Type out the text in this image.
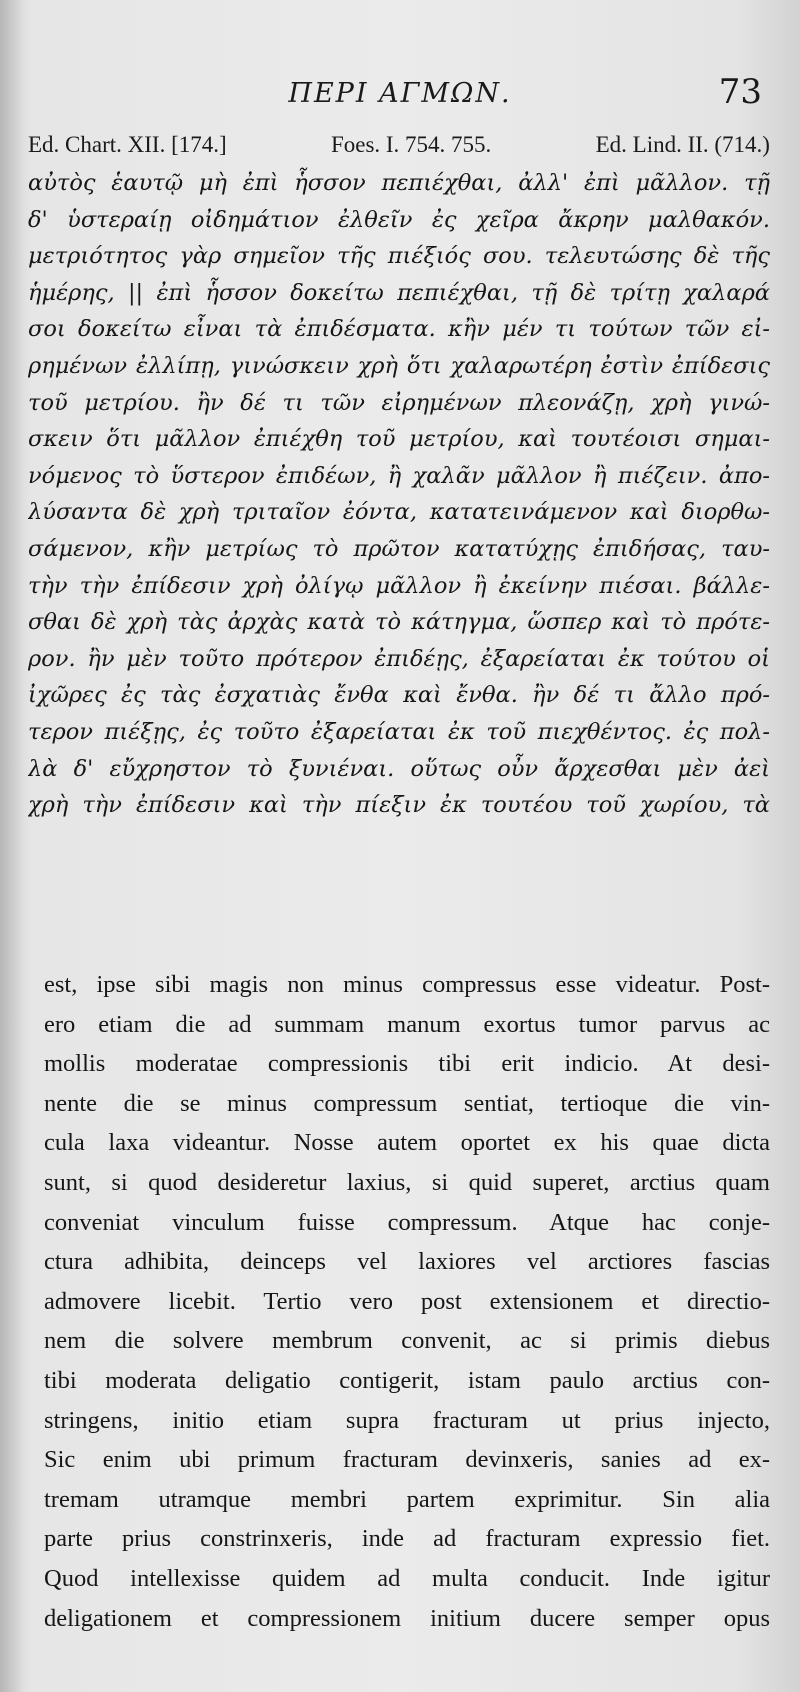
ΠΕΡΙ ΑΓΜΩΝ.	73
Ed. Chart. XII. [174.]	Foes. I. 754. 755.	Ed. Lind. II. (714.)
αὐτὸς ἑαυτῷ μὴ ἐπὶ ἧσσον πεπιέχθαι, ἀλλ' ἐπὶ μᾶλλον. τῇ
δ' ὑστεραίῃ οἰδημάτιον ἐλθεῖν ἐς χεῖρα ἄκρην μαλθακόν.
μετριότητος γὰρ σημεῖον τῆς πιέξιός σου. τελευτώσης δὲ τῆς
ἡμέρης, || ἐπὶ ἧσσον δοκείτω πεπιέχθαι, τῇ δὲ τρίτῃ χαλαρά
σοι δοκείτω εἶναι τὰ ἐπιδέσματα. κἢν μέν τι τούτων τῶν εἰ-
ρημένων ἐλλίπῃ, γινώσκειν χρὴ ὅτι χαλαρωτέρη ἐστὶν ἐπίδεσις
τοῦ μετρίου. ἢν δέ τι τῶν εἰρημένων πλεονάζῃ, χρὴ γινώ-
σκειν ὅτι μᾶλλον ἐπιέχθη τοῦ μετρίου, καὶ τουτέοισι σημαι-
νόμενος τὸ ὕστερον ἐπιδέων, ἢ χαλᾶν μᾶλλον ἢ πιέζειν. ἀπο-
λύσαντα δὲ χρὴ τριταῖον ἐόντα, κατατεινάμενον καὶ διορθω-
σάμενον, κἢν μετρίως τὸ πρῶτον κατατύχῃς ἐπιδήσας, ταυ-
τὴν τὴν ἐπίδεσιν χρὴ ὀλίγῳ μᾶλλον ἢ ἐκείνην πιέσαι. βάλλε-
σθαι δὲ χρὴ τὰς ἀρχὰς κατὰ τὸ κάτηγμα, ὥσπερ καὶ τὸ πρότε-
ρον. ἢν μὲν τοῦτο πρότερον ἐπιδέῃς, ἐξαρείαται ἐκ τούτου οἱ
ἰχῶρες ἐς τὰς ἐσχατιὰς ἔνθα καὶ ἔνθα. ἢν δέ τι ἄλλο πρό-
τερον πιέξῃς, ἐς τοῦτο ἐξαρείαται ἐκ τοῦ πιεχθέντος. ἐς πολ-
λὰ δ' εὔχρηστον τὸ ξυνιέναι. οὕτως οὖν ἄρχεσθαι μὲν ἀεὶ
χρὴ τὴν ἐπίδεσιν καὶ τὴν πίεξιν ἐκ τουτέου τοῦ χωρίου, τὰ
est, ipse sibi magis non minus compressus esse videatur. Post-
ero etiam die ad summam manum exortus tumor parvus ac
mollis moderatae compressionis tibi erit indicio. At desi-
nente die se minus compressum sentiat, tertioque die vin-
cula laxa videantur. Nosse autem oportet ex his quae dicta
sunt, si quod desideretur laxius, si quid superet, arctius quam
conveniat vinculum fuisse compressum. Atque hac conje-
ctura adhibita, deinceps vel laxiores vel arctiores fascias
admovere licebit. Tertio vero post extensionem et directio-
nem die solvere membrum convenit, ac si primis diebus
tibi moderata deligatio contigerit, istam paulo arctius con-
stringens, initio etiam supra fracturam ut prius injecto,
Sic enim ubi primum fracturam devinxeris, sanies ad ex-
tremam utramque membri partem exprimitur. Sin alia
parte prius constrinxeris, inde ad fracturam expressio fiet.
Quod intellexisse quidem ad multa conducit. Inde igitur
deligationem et compressionem initium ducere semper opus
